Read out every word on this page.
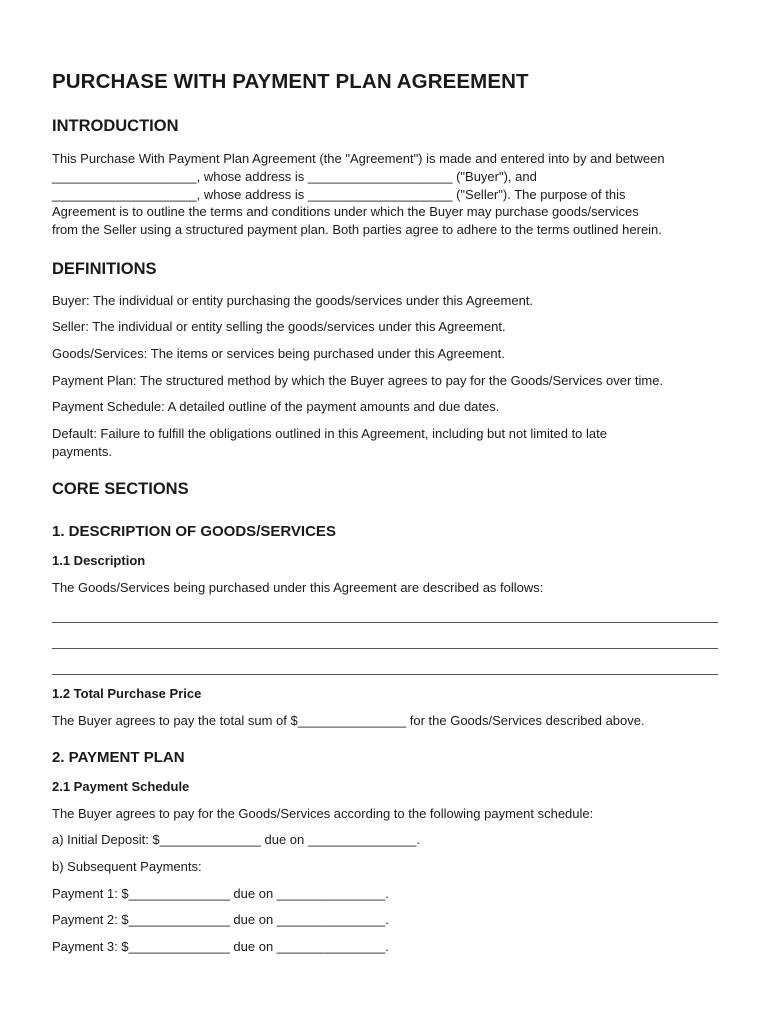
PURCHASE WITH PAYMENT PLAN AGREEMENT
INTRODUCTION
This Purchase With Payment Plan Agreement (the "Agreement") is made and entered into by and between
____________________, whose address is ____________________ ("Buyer"), and
____________________, whose address is ____________________ ("Seller"). The purpose of this
Agreement is to outline the terms and conditions under which the Buyer may purchase goods/services
from the Seller using a structured payment plan. Both parties agree to adhere to the terms outlined herein.
DEFINITIONS

Buyer: The individual or entity purchasing the goods/services under this Agreement.

Seller: The individual or entity selling the goods/services under this Agreement.

Goods/Services: The items or services being purchased under this Agreement.

Payment Plan: The structured method by which the Buyer agrees to pay for the Goods/Services over time.

Payment Schedule: A detailed outline of the payment amounts and due dates.

Default: Failure to fulfill the obligations outlined in this Agreement, including but not limited to late
payments.
CORE SECTIONS
1. DESCRIPTION OF GOODS/SERVICES
1.1 Description

The Goods/Services being purchased under this Agreement are described as follows:

1.2 Total Purchase Price

The Buyer agrees to pay the total sum of $_______________ for the Goods/Services described above.

2. PAYMENT PLAN
2.1 Payment Schedule

The Buyer agrees to pay for the Goods/Services according to the following payment schedule:

a) Initial Deposit: $______________ due on _______________.

b) Subsequent Payments:

Payment 1: $______________ due on _______________.

Payment 2: $______________ due on _______________.

Payment 3: $______________ due on _______________.
